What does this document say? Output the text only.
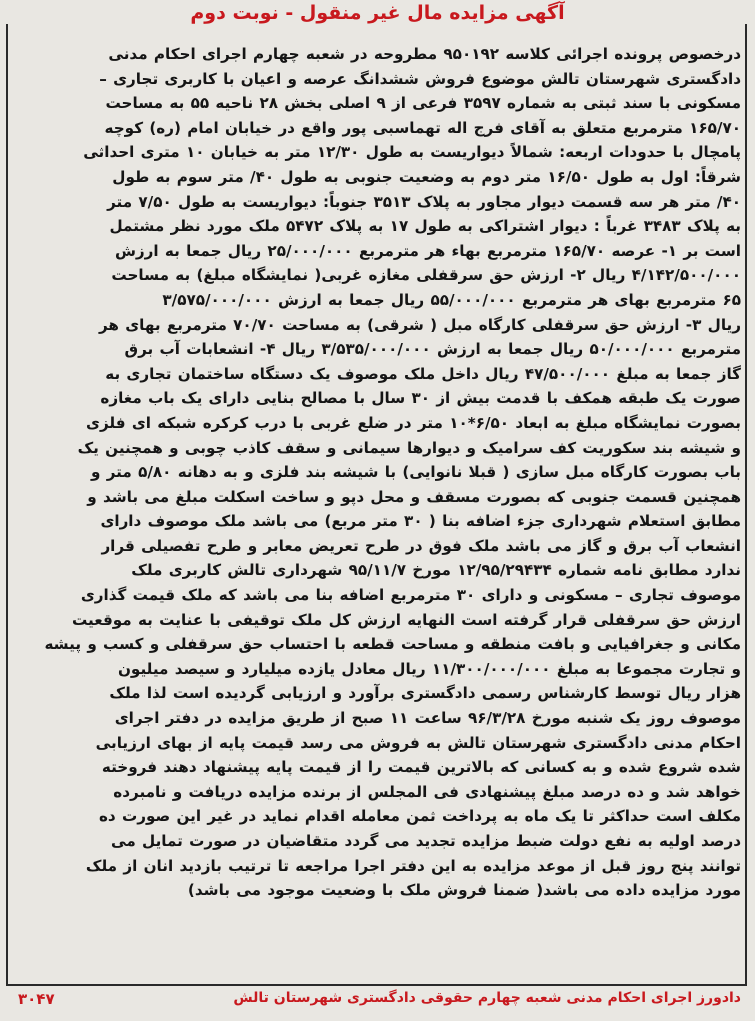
آگهی مزایده مال غیر منقول - نوبت دوم

درخصوص پرونده اجرائی کلاسه ۹۵۰۱۹۲ مطروحه در شعبه چهارم اجرای احکام مدنی

دادگستری شهرستان تالش موضوع فروش ششدانگ عرصه و اعیان با کاربری تجاری –

مسکونی با سند ثبتی به شماره ۳۵۹۷ فرعی از ۹ اصلی بخش ۲۸ ناحیه ۵۵ به مساحت

۱۶۵/۷۰ مترمربع متعلق به آقای فرج اله تهماسبی پور واقع در خیابان امام (ره) کوچه

پامچال با حدودات اربعه: شمالاً دیواریست به طول ۱۲/۳۰ متر به خیابان ۱۰ متری احداثی

شرقاً: اول به طول ۱۶/۵۰ متر دوم به وضعیت جنوبی به طول ۴۰/ متر سوم به طول

۴۰/ متر هر سه قسمت دیوار مجاور به پلاک ۳۵۱۳ جنوباً: دیواریست به طول ۷/۵۰ متر

به پلاک ۳۴۸۳ غرباً : دیوار اشتراکی به طول ۱۷ به پلاک ۵۴۷۲ ملک مورد نظر مشتمل

است بر ۱- عرصه ۱۶۵/۷۰ مترمربع بهاء هر مترمربع ۲۵/۰۰۰/۰۰۰ ریال جمعا به ارزش

۴/۱۴۲/۵۰۰/۰۰۰ ریال ۲- ارزش حق سرقفلی مغازه غربی( نمایشگاه مبلغ) به مساحت

۶۵ مترمربع بهای هر مترمربع ۵۵/۰۰۰/۰۰۰ ریال جمعا به ارزش ۳/۵۷۵/۰۰۰/۰۰۰

ریال ۳- ارزش حق سرقفلی کارگاه مبل ( شرقی) به مساحت ۷۰/۷۰ مترمربع بهای هر

مترمربع ۵۰/۰۰۰/۰۰۰ ریال جمعا به ارزش ۳/۵۳۵/۰۰۰/۰۰۰ ریال ۴- انشعابات آب برق

گاز جمعا به مبلغ ۴۷/۵۰۰/۰۰۰ ریال داخل ملک موصوف یک دستگاه ساختمان تجاری به

صورت یک طبقه همکف با قدمت بیش از ۳۰ سال با مصالح بنایی دارای یک باب مغازه

بصورت نمایشگاه مبلغ به ابعاد ۶/۵۰*۱۰ متر در ضلع غربی با درب کرکره شبکه ای فلزی

و شیشه بند سکوریت کف سرامیک و دیوارها سیمانی و سقف کاذب چوبی و همچنین یک

باب بصورت کارگاه مبل سازی ( قبلا نانوایی) با شیشه بند فلزی و به دهانه ۵/۸۰ متر و

همچنین قسمت جنوبی که بصورت مسقف و محل دپو و ساخت اسکلت مبلغ می باشد و

مطابق استعلام شهرداری جزء اضافه بنا ( ۳۰ متر مربع) می باشد ملک موصوف دارای

انشعاب آب برق و گاز می باشد ملک فوق در طرح تعریض معابر و طرح تفصیلی قرار

ندارد مطابق نامه شماره ۱۲/۹۵/۲۹۴۳۴ مورخ ۹۵/۱۱/۷ شهرداری تالش کاربری ملک

موصوف تجاری – مسکونی و دارای ۳۰ مترمربع اضافه بنا می باشد که ملک قیمت گذاری

ارزش حق سرقفلی قرار گرفته است النهایه ارزش کل ملک توقیفی با عنایت به موقعیت

مکانی و جغرافیایی و بافت منطقه و مساحت قطعه با احتساب حق سرقفلی و کسب و پیشه

و تجارت مجموعا به مبلغ ۱۱/۳۰۰/۰۰۰/۰۰۰ ریال معادل یازده میلیارد و سیصد میلیون

هزار ریال توسط کارشناس رسمی دادگستری برآورد و ارزیابی گردیده است لذا ملک

موصوف روز یک شنبه مورخ ۹۶/۳/۲۸ ساعت ۱۱ صبح از طریق مزایده در دفتر اجرای

احکام مدنی دادگستری شهرستان تالش به فروش می رسد قیمت پایه از بهای ارزیابی

شده شروع شده و به کسانی که بالاترین قیمت را از قیمت پایه پیشنهاد دهند فروخته

خواهد شد و ده درصد مبلغ پیشنهادی فی المجلس از برنده مزایده دریافت و نامبرده

مکلف است حداکثر تا یک ماه به پرداخت ثمن معامله اقدام نماید در غیر این صورت ده

درصد اولیه به نفع دولت ضبط مزایده تجدید می گردد متقاضیان در صورت تمایل می

توانند پنج روز قبل از موعد مزایده به این دفتر اجرا مراجعه تا ترتیب بازدید انان از ملک

مورد مزایده داده می باشد( ضمنا فروش ملک با وضعیت موجود می باشد)

دادورز اجرای احکام مدنی شعبه چهارم حقوقی دادگستری شهرستان تالش
۳۰۴۷
